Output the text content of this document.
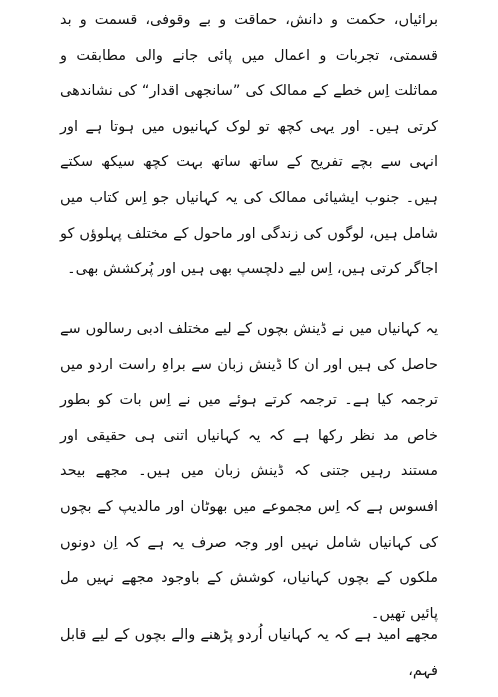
برائیاں، حکمت و دانش، حماقت و بے وقوفی، قسمت و بد قسمتی، تجربات و اعمال میں پائی جانے والی مطابقت و مماثلت اِس خطے کے ممالک کی ”سانجھی اقدار“ کی نشاندھی کرتی ہیں۔ اور یہی کچھ تو لوک کہانیوں میں ہوتا ہے اور انہی سے بچے تفریح کے ساتھ ساتھ بہت کچھ سیکھ سکتے ہیں۔ جنوب ایشیائی ممالک کی یہ کہانیاں جو اِس کتاب میں شامل ہیں، لوگوں کی زندگی اور ماحول کے مختلف پہلوؤں کو اجاگر کرتی ہیں، اِس لیے دلچسپ بھی ہیں اور پُرکشش بھی۔

یہ کہانیاں میں نے ڈینش بچوں کے لیے مختلف ادبی رسالوں سے حاصل کی ہیں اور ان کا ڈینش زبان سے براہِ راست اردو میں ترجمہ کیا ہے۔ ترجمہ کرتے ہوئے میں نے اِس بات کو بطور خاص مد نظر رکھا ہے کہ یہ کہانیاں اتنی ہی حقیقی اور مستند رہیں جتنی کہ ڈینش زبان میں ہیں۔ مجھے بیحد افسوس ہے کہ اِس مجموعے میں بھوٹان اور مالدیپ کے بچوں کی کہانیاں شامل نہیں اور وجہ صرف یہ ہے کہ اِن دونوں ملکوں کے بچوں کہانیاں، کوشش کے باوجود مجھے نہیں مل پائیں تھیں۔

مجھے امید ہے کہ یہ کہانیاں اُردو پڑھنے والے بچوں کے لیے قابل فہم،
